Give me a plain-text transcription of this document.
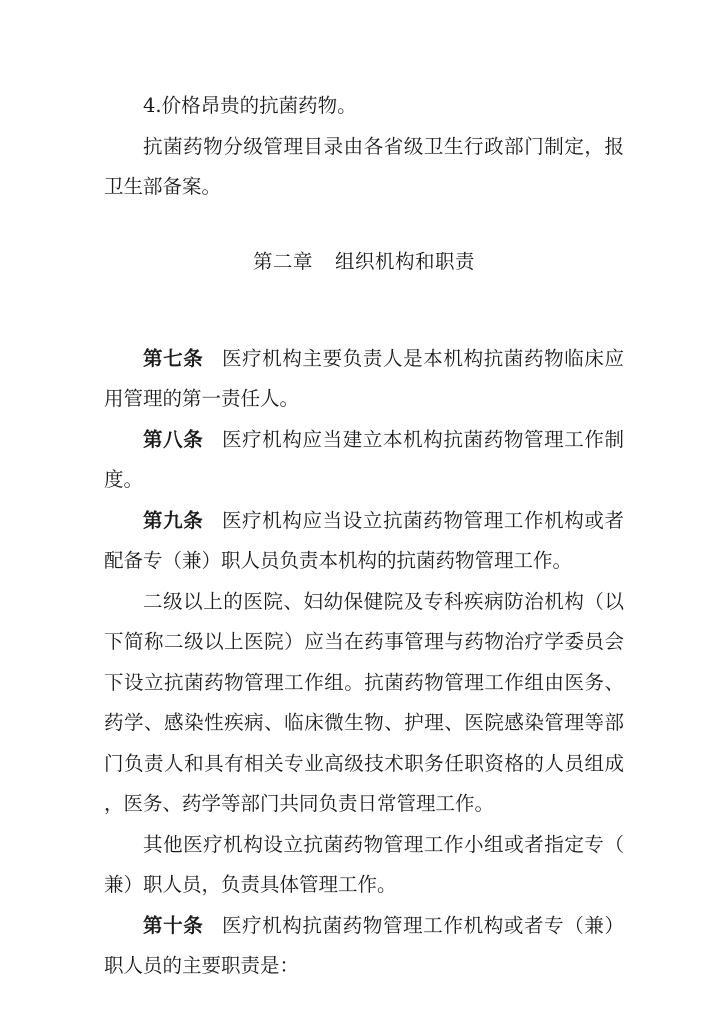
4.价格昂贵的抗菌药物。

抗菌药物分级管理目录由各省级卫生行政部门制定，报卫生部备案。

第二章 组织机构和职责

第七条 医疗机构主要负责人是本机构抗菌药物临床应用管理的第一责任人。

第八条 医疗机构应当建立本机构抗菌药物管理工作制度。

第九条 医疗机构应当设立抗菌药物管理工作机构或者配备专（兼）职人员负责本机构的抗菌药物管理工作。

二级以上的医院、妇幼保健院及专科疾病防治机构（以下简称二级以上医院）应当在药事管理与药物治疗学委员会下设立抗菌药物管理工作组。抗菌药物管理工作组由医务、药学、感染性疾病、临床微生物、护理、医院感染管理等部门负责人和具有相关专业高级技术职务任职资格的人员组成，医务、药学等部门共同负责日常管理工作。

其他医疗机构设立抗菌药物管理工作小组或者指定专（兼）职人员，负责具体管理工作。

第十条 医疗机构抗菌药物管理工作机构或者专（兼）职人员的主要职责是：
